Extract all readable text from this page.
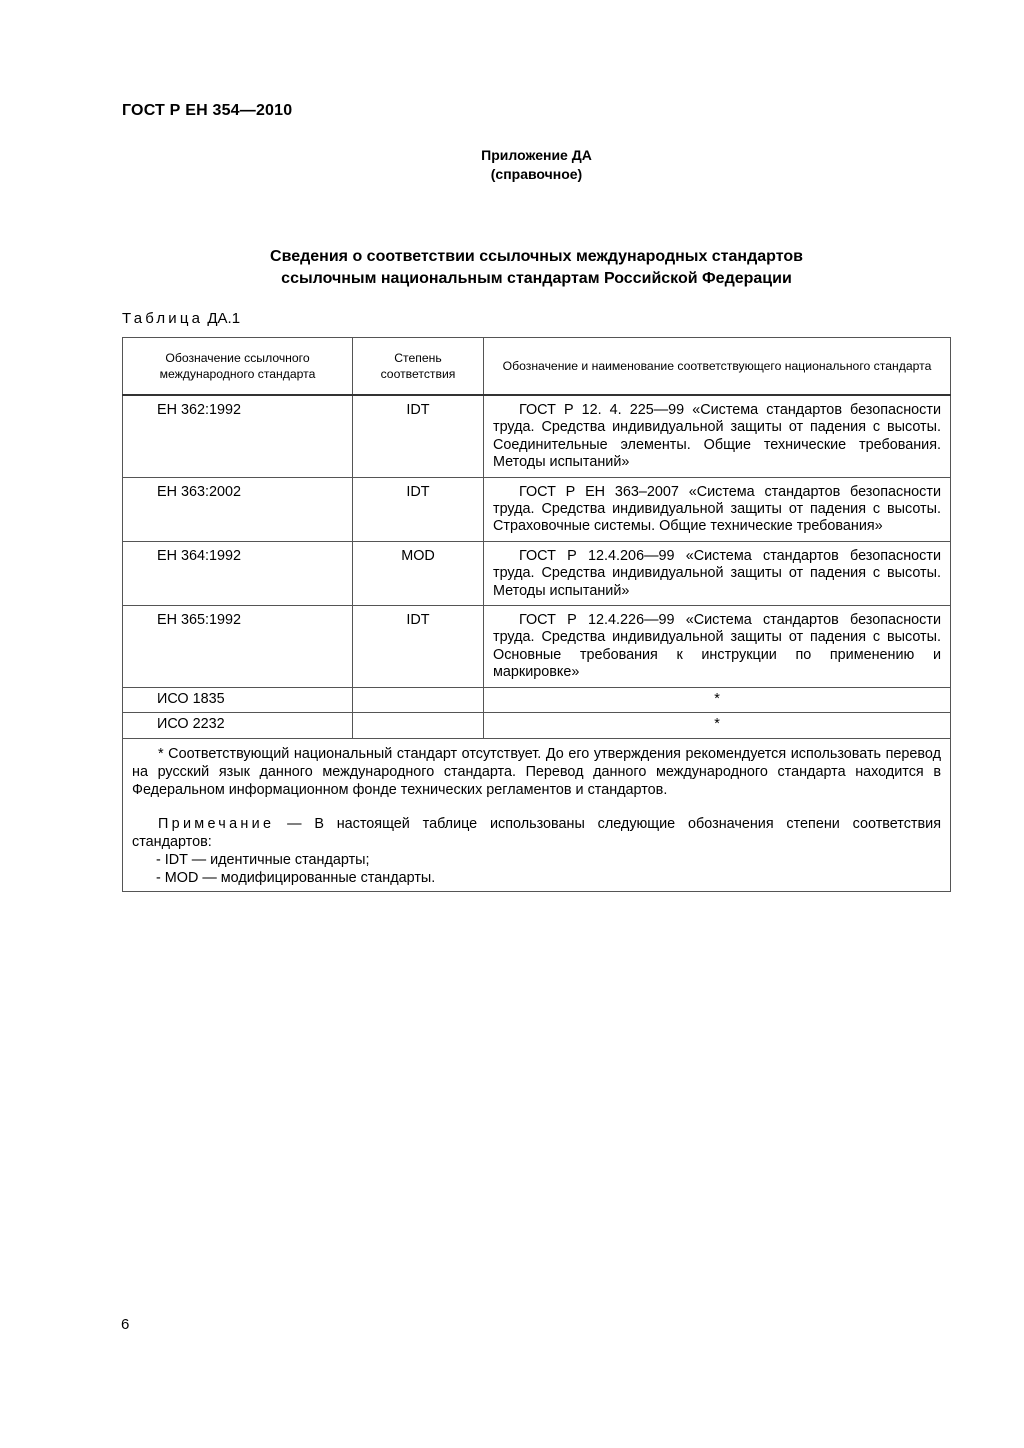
ГОСТ Р ЕН 354—2010
Приложение ДА
(справочное)
Сведения о соответствии ссылочных международных стандартов
ссылочным национальным стандартам Российской Федерации
Таблица ДА.1
Обозначение ссылочного международного стандарта	Степень соответствия	Обозначение и наименование соответствующего национального стандарта
ЕН 362:1992	IDT	ГОСТ Р 12. 4. 225—99 «Система стандартов безопасности труда. Средства индивидуальной защиты от падения с высоты. Соединительные элементы. Общие технические требования. Методы испытаний»

ЕН 363:2002	IDT	ГОСТ Р ЕН 363–2007 «Система стандартов безопасности труда. Средства индивидуальной защиты от падения с высоты. Страховочные системы. Общие технические требования»

ЕН 364:1992	MOD	ГОСТ Р 12.4.206—99 «Система стандартов безопасности труда. Средства индивидуальной защиты от падения с высоты. Методы испытаний»

ЕН 365:1992	IDT	ГОСТ Р 12.4.226—99 «Система стандартов безопасности труда. Средства индивидуальной защиты от падения с высоты. Основные требования к инструкции по применению и маркировке»

ИСО 1835		*
ИСО 2232		*

* Соответствующий национальный стандарт отсутствует. До его утверждения рекомендуется использовать перевод на русский язык данного международного стандарта. Перевод данного международного стандарта находится в Федеральном информационном фонде технических регламентов и стандартов.
Примечание — В настоящей таблице использованы следующие обозначения степени соответствия стандартов:
- IDT — идентичные стандарты;
- MOD — модифицированные стандарты.		
6
